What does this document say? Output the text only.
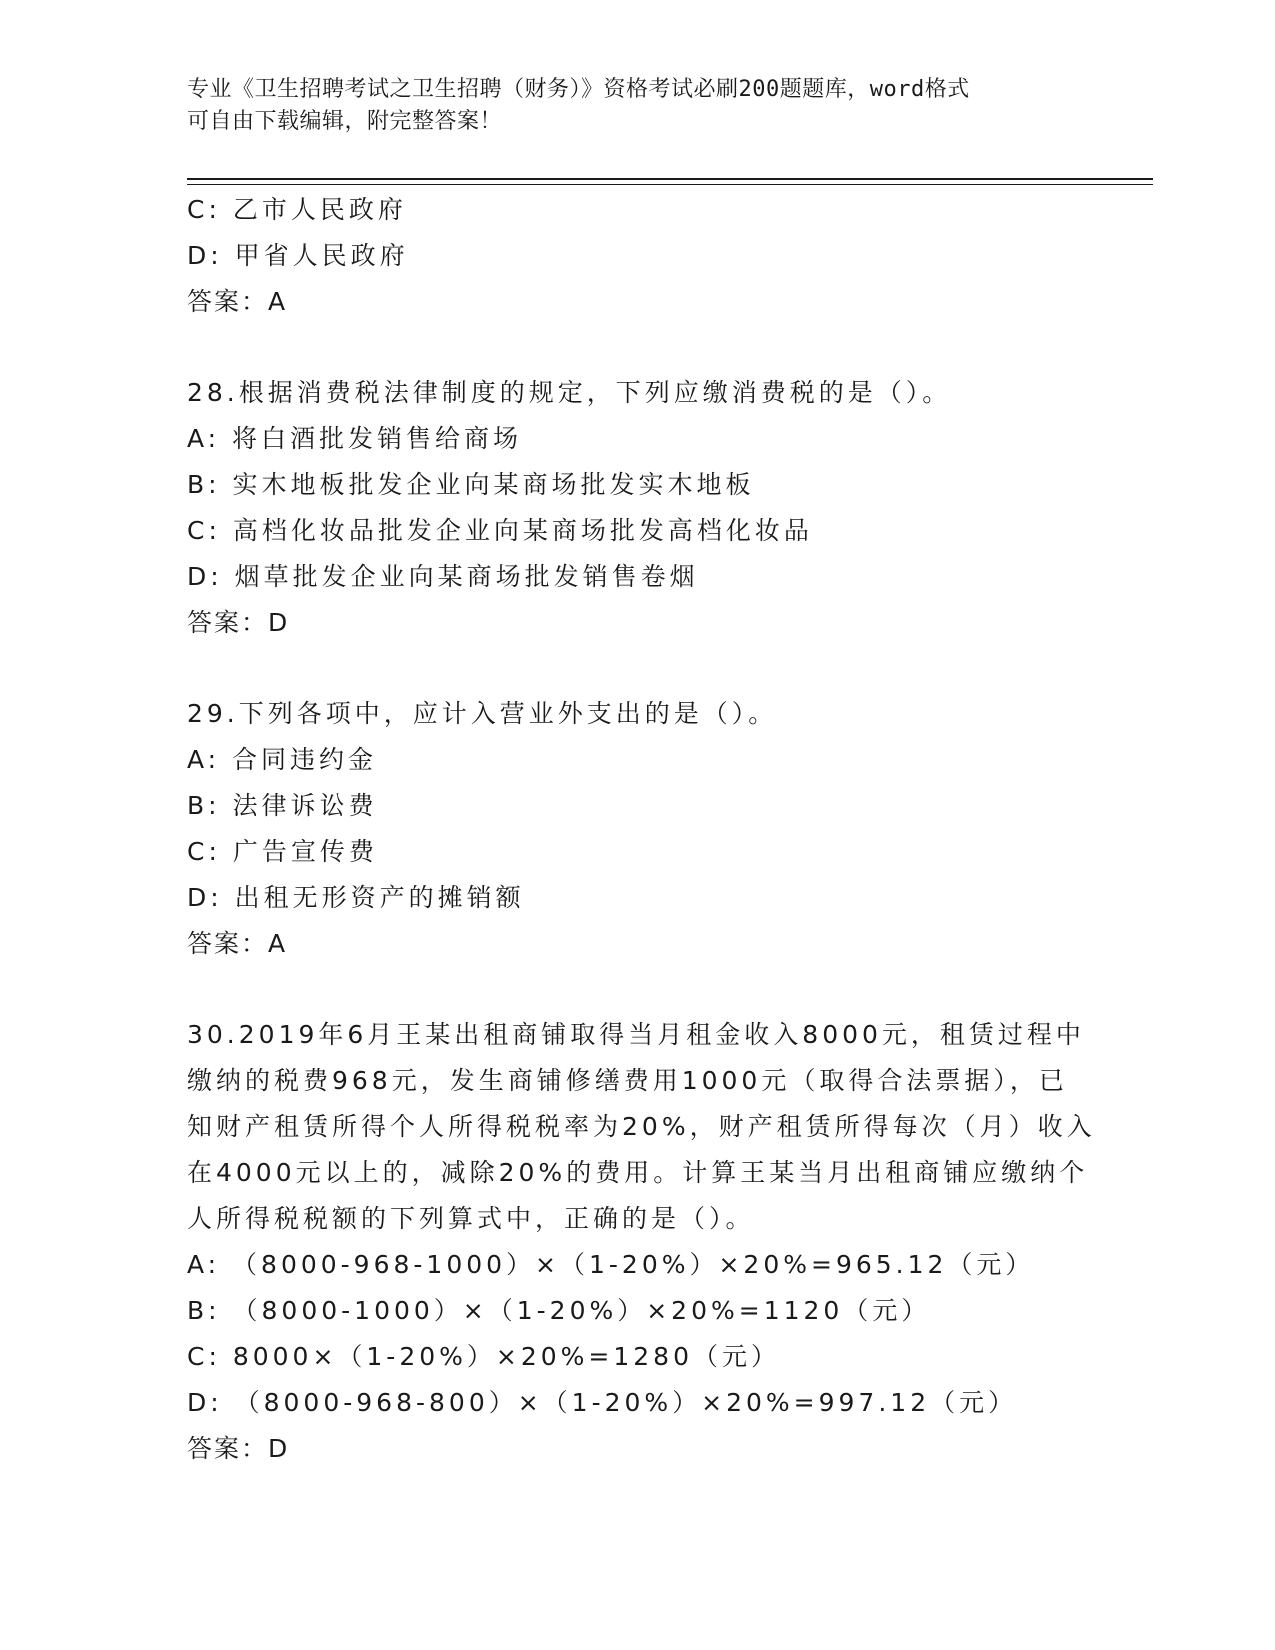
专业《卫生招聘考试之卫生招聘（财务）》资格考试必刷200题题库，word格式
可自由下载编辑，附完整答案！
C: 乙市人民政府
D: 甲省人民政府
答案：A
28.根据消费税法律制度的规定，下列应缴消费税的是（）。
A: 将白酒批发销售给商场
B: 实木地板批发企业向某商场批发实木地板
C: 高档化妆品批发企业向某商场批发高档化妆品
D: 烟草批发企业向某商场批发销售卷烟
答案：D
29.下列各项中，应计入营业外支出的是（）。
A: 合同违约金
B: 法律诉讼费
C: 广告宣传费
D: 出租无形资产的摊销额
答案：A
30.2019年6月王某出租商铺取得当月租金收入8000元，租赁过程中
缴纳的税费968元，发生商铺修缮费用1000元（取得合法票据），已
知财产租赁所得个人所得税税率为20%，财产租赁所得每次（月）收入
在4000元以上的，减除20%的费用。计算王某当月出租商铺应缴纳个
人所得税税额的下列算式中，正确的是（）。
A: （8000-968-1000）×（1-20%）×20%=965.12（元）
B: （8000-1000）×（1-20%）×20%=1120（元）
C: 8000×（1-20%）×20%=1280（元）
D: （8000-968-800）×（1-20%）×20%=997.12（元）
答案：D
